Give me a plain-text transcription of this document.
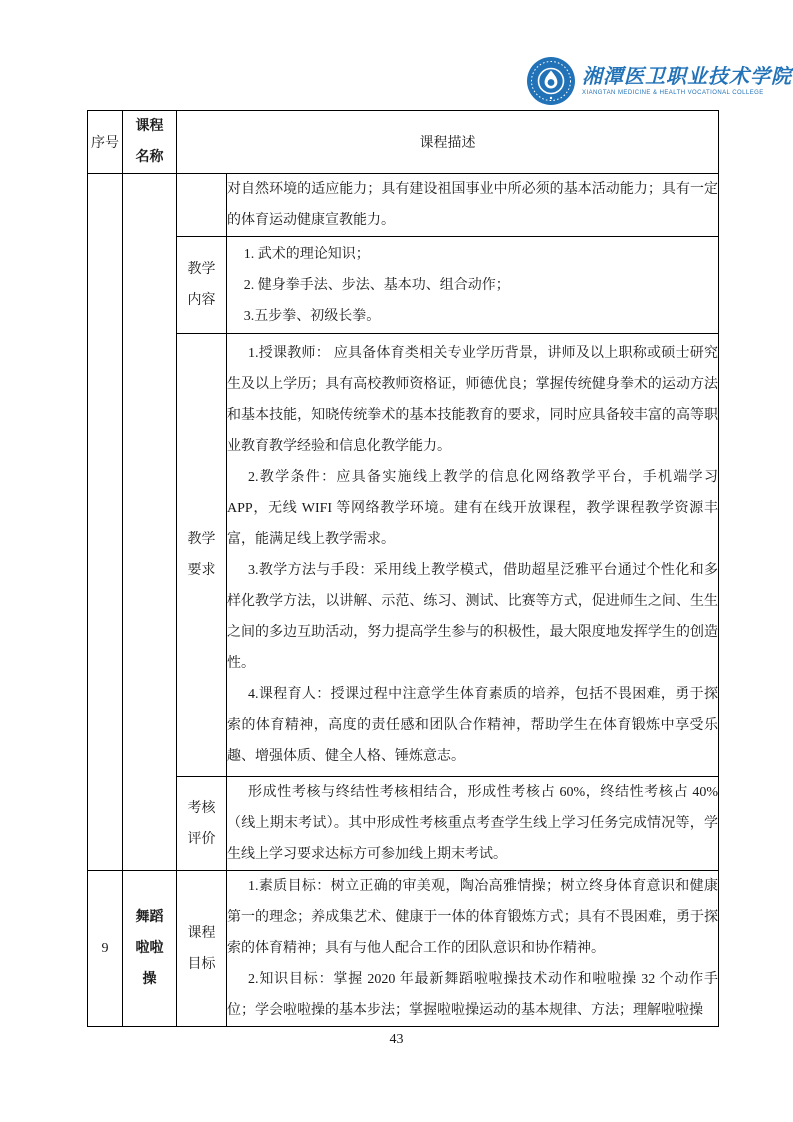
湘潭医卫职业技术学院
XIANGTAN MEDICINE & HEALTH VOCATIONAL COLLEGE
序号	课程名称	课程描述	

			对自然环境的适应能力；具有建设祖国事业中所必须的基本活动能力；具有一定的体育运动健康宣教能力。

		教学内容	1. 武术的理论知识；
2. 健身拳手法、步法、基本功、组合动作；
3.五步拳、初级长拳。

		教学要求	1.授课教师： 应具备体育类相关专业学历背景，讲师及以上职称或硕士研究生及以上学历；具有高校教师资格证，师德优良；掌握传统健身拳术的运动方法和基本技能，知晓传统拳术的基本技能教育的要求，同时应具备较丰富的高等职业教育教学经验和信息化教学能力。
2.教学条件：应具备实施线上教学的信息化网络教学平台，手机端学习 APP，无线 WIFI 等网络教学环境。建有在线开放课程，教学课程教学资源丰富，能满足线上教学需求。
3.教学方法与手段：采用线上教学模式，借助超星泛雅平台通过个性化和多样化教学方法，以讲解、示范、练习、测试、比赛等方式，促进师生之间、生生之间的多边互助活动，努力提高学生参与的积极性，最大限度地发挥学生的创造性。
4.课程育人：授课过程中注意学生体育素质的培养，包括不畏困难，勇于探索的体育精神，高度的责任感和团队合作精神，帮助学生在体育锻炼中享受乐趣、增强体质、健全人格、锤炼意志。

		考核评价	形成性考核与终结性考核相结合，形成性考核占 60%，终结性考核占 40%（线上期末考试）。其中形成性考核重点考查学生线上学习任务完成情况等，学生线上学习要求达标方可参加线上期末考试。

9	舞蹈啦啦操	课程目标	1.素质目标：树立正确的审美观，陶冶高雅情操；树立终身体育意识和健康第一的理念；养成集艺术、健康于一体的体育锻炼方式；具有不畏困难，勇于探索的体育精神；具有与他人配合工作的团队意识和协作精神。
2.知识目标：掌握 2020 年最新舞蹈啦啦操技术动作和啦啦操 32 个动作手位；学会啦啦操的基本步法；掌握啦啦操运动的基本规律、方法；理解啦啦操
43
